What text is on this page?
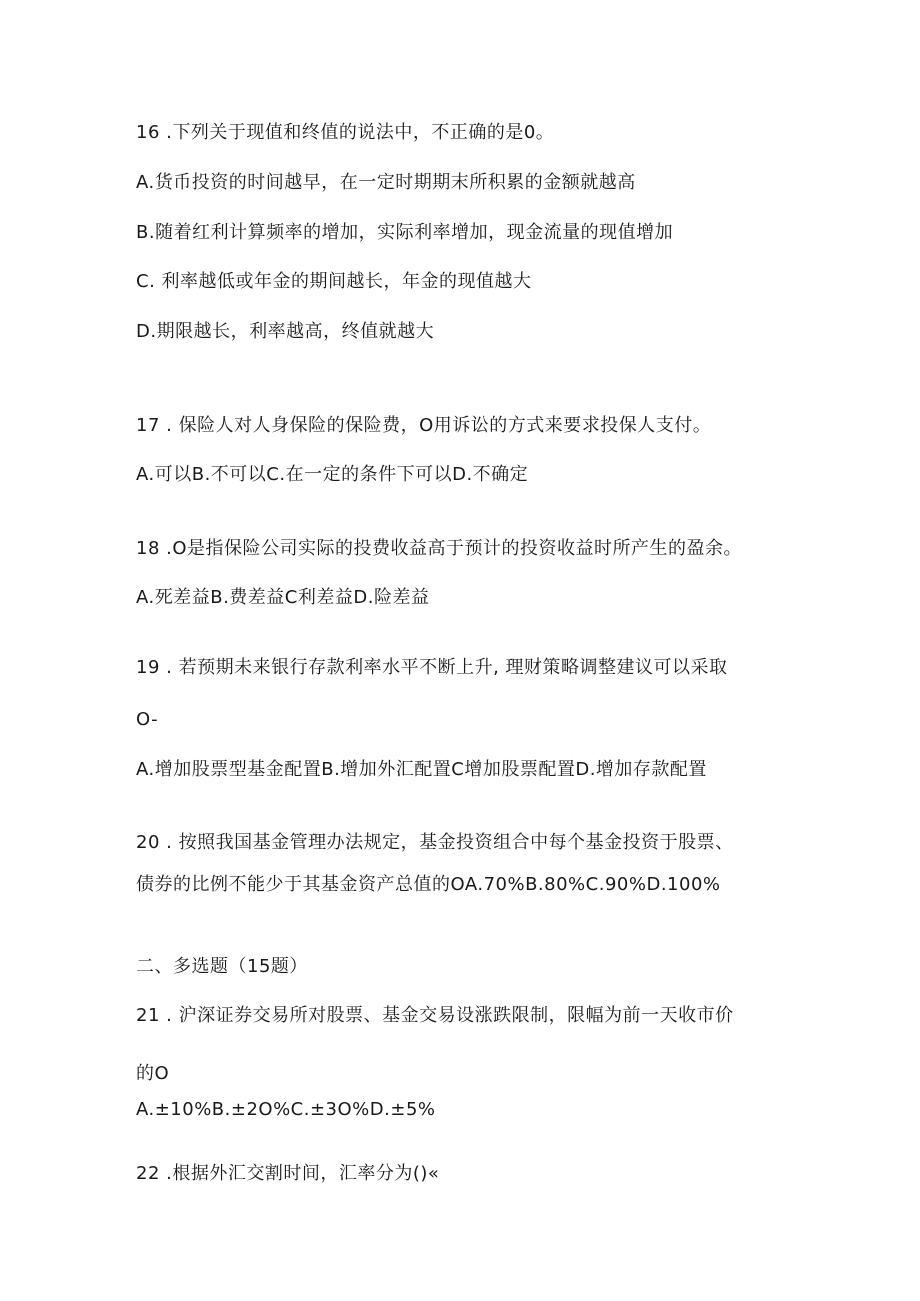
16 .下列关于现值和终值的说法中，不正确的是0。
A.货币投资的时间越早，在一定时期期末所积累的金额就越高
B.随着红利计算频率的增加，实际利率增加，现金流量的现值增加
C. 利率越低或年金的期间越长，年金的现值越大
D.期限越长，利率越高，终值就越大
17 . 保险人对人身保险的保险费，O用诉讼的方式来要求投保人支付。
A.可以B.不可以C.在一定的条件下可以D.不确定
18 .O是指保险公司实际的投费收益高于预计的投资收益时所产生的盈余。
A.死差益B.费差益C利差益D.险差益
19 . 若预期未来银行存款利率水平不断上升, 理财策略调整建议可以采取
O-
A.增加股票型基金配置B.增加外汇配置C增加股票配置D.增加存款配置
20 . 按照我国基金管理办法规定，基金投资组合中每个基金投资于股票、
债券的比例不能少于其基金资产总值的OA.70%B.80%C.90%D.100%
二、多选题（15题）
21 . 沪深证券交易所对股票、基金交易设涨跌限制，限幅为前一天收市价
的O
A.±10%B.±2O%C.±3O%D.±5%
22 .根据外汇交割时间，汇率分为()«
